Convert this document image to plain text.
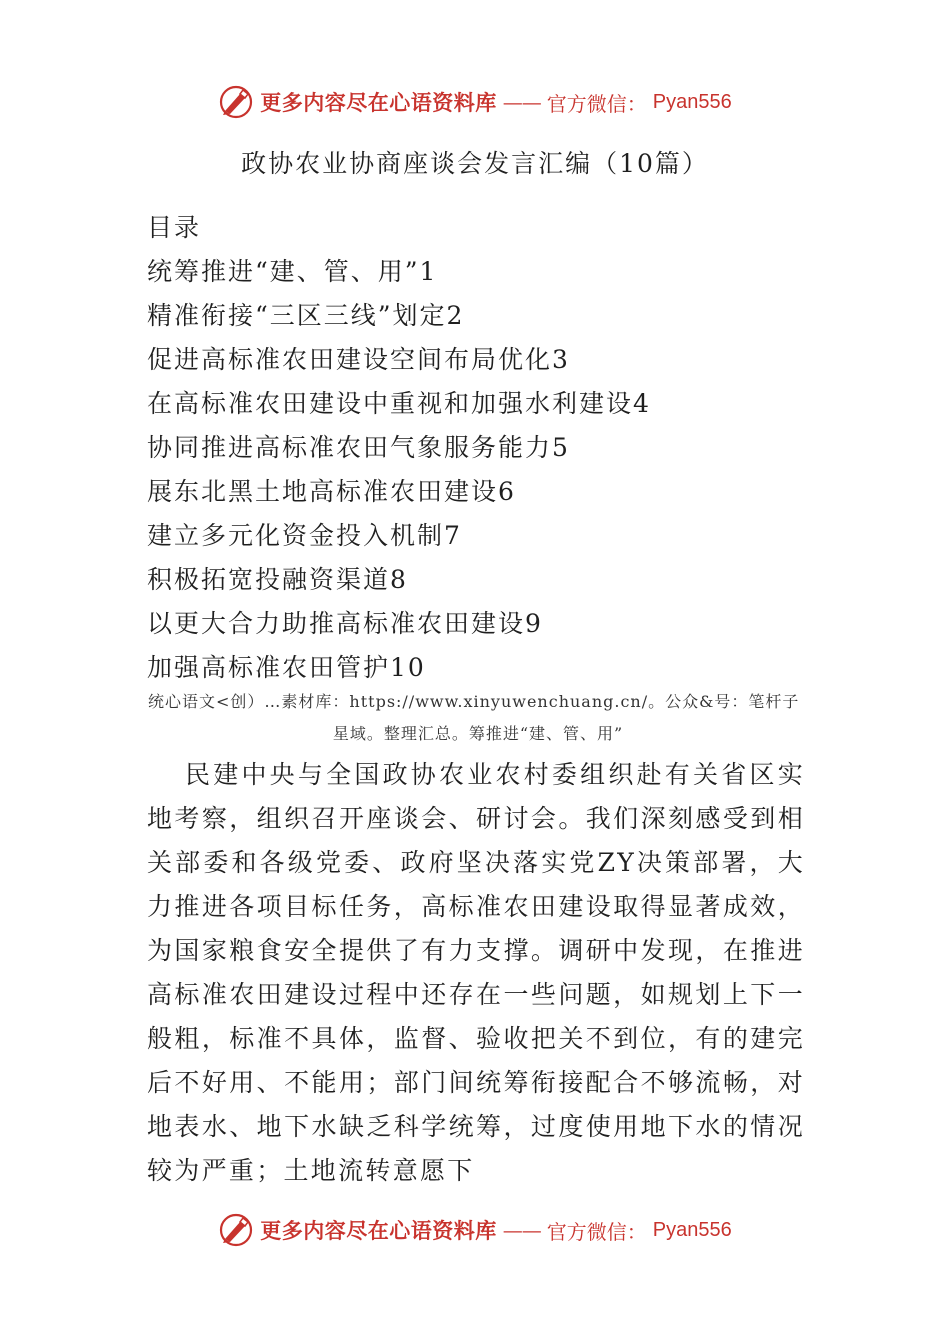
更多内容尽在心语资料库 —— 官方微信： Pyan556
政协农业协商座谈会发言汇编（10篇）
目录
统筹推进“建、管、用”1
精准衔接“三区三线”划定2
促进高标准农田建设空间布局优化3
在高标准农田建设中重视和加强水利建设4
协同推进高标准农田气象服务能力5
展东北黑土地高标准农田建设6
建立多元化资金投入机制7
积极拓宽投融资渠道8
以更大合力助推高标准农田建设9
加强高标准农田管护10
统心语文<创）…素材库：https://www.xinyuwenchuang.cn/。公众&号：笔杆子
星域。整理汇总。筹推进“建、管、用”

民建中央与全国政协农业农村委组织赴有关省区实地考察，组织召开座谈会、研讨会。我们深刻感受到相关部委和各级党委、政府坚决落实党ZY决策部署，大力推进各项目标任务，高标准农田建设取得显著成效，为国家粮食安全提供了有力支撑。调研中发现，在推进高标准农田建设过程中还存在一些问题，如规划上下一般粗，标准不具体，监督、验收把关不到位，有的建完后不好用、不能用；部门间统筹衔接配合不够流畅，对地表水、地下水缺乏科学统筹，过度使用地下水的情况较为严重；土地流转意愿下

更多内容尽在心语资料库 —— 官方微信： Pyan556
